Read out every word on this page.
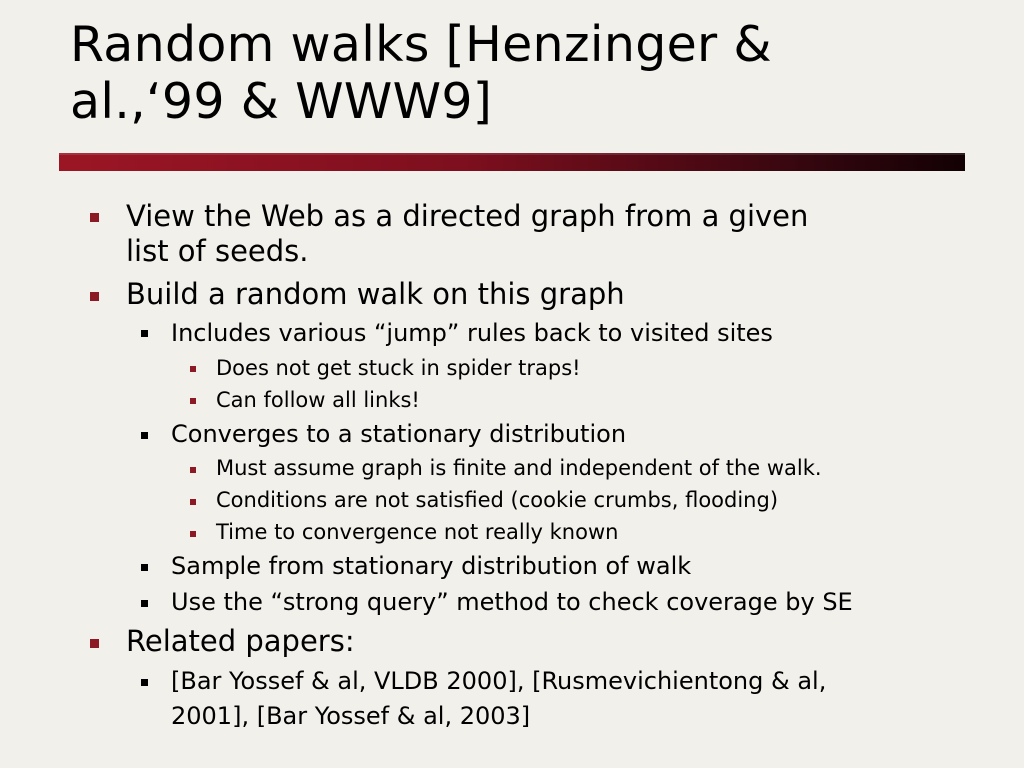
Random walks [Henzinger &
al.,‘99 & WWW9]
View the Web as a directed graph from a given
list of seeds.
Build a random walk on this graph
Includes various “jump” rules back to visited sites
Does not get stuck in spider traps!
Can follow all links!
Converges to a stationary distribution
Must assume graph is finite and independent of the walk.
Conditions are not satisfied (cookie crumbs, flooding)
Time to convergence not really known
Sample from stationary distribution of walk
Use the “strong query” method to check coverage by SE
Related papers:
[Bar Yossef & al, VLDB 2000], [Rusmevichientong & al,
2001], [Bar Yossef & al, 2003]
